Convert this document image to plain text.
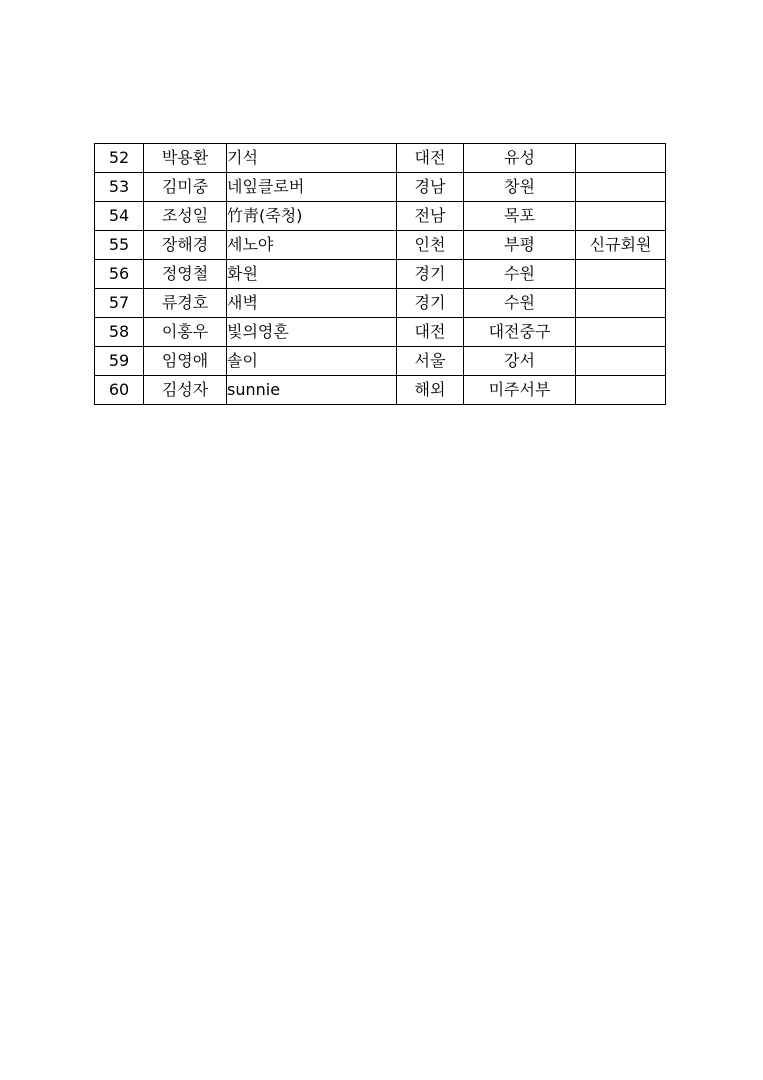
52	박용환	기석	대전	유성	
53	김미중	네잎클로버	경남	창원	
54	조성일	竹靑(죽청)	전남	목포	
55	장해경	세노야	인천	부평	신규회원
56	정영철	화원	경기	수원	
57	류경호	새벽	경기	수원	
58	이홍우	빛의영혼	대전	대전중구	
59	임영애	솔이	서울	강서	
60	김성자	sunnie	해외	미주서부	
